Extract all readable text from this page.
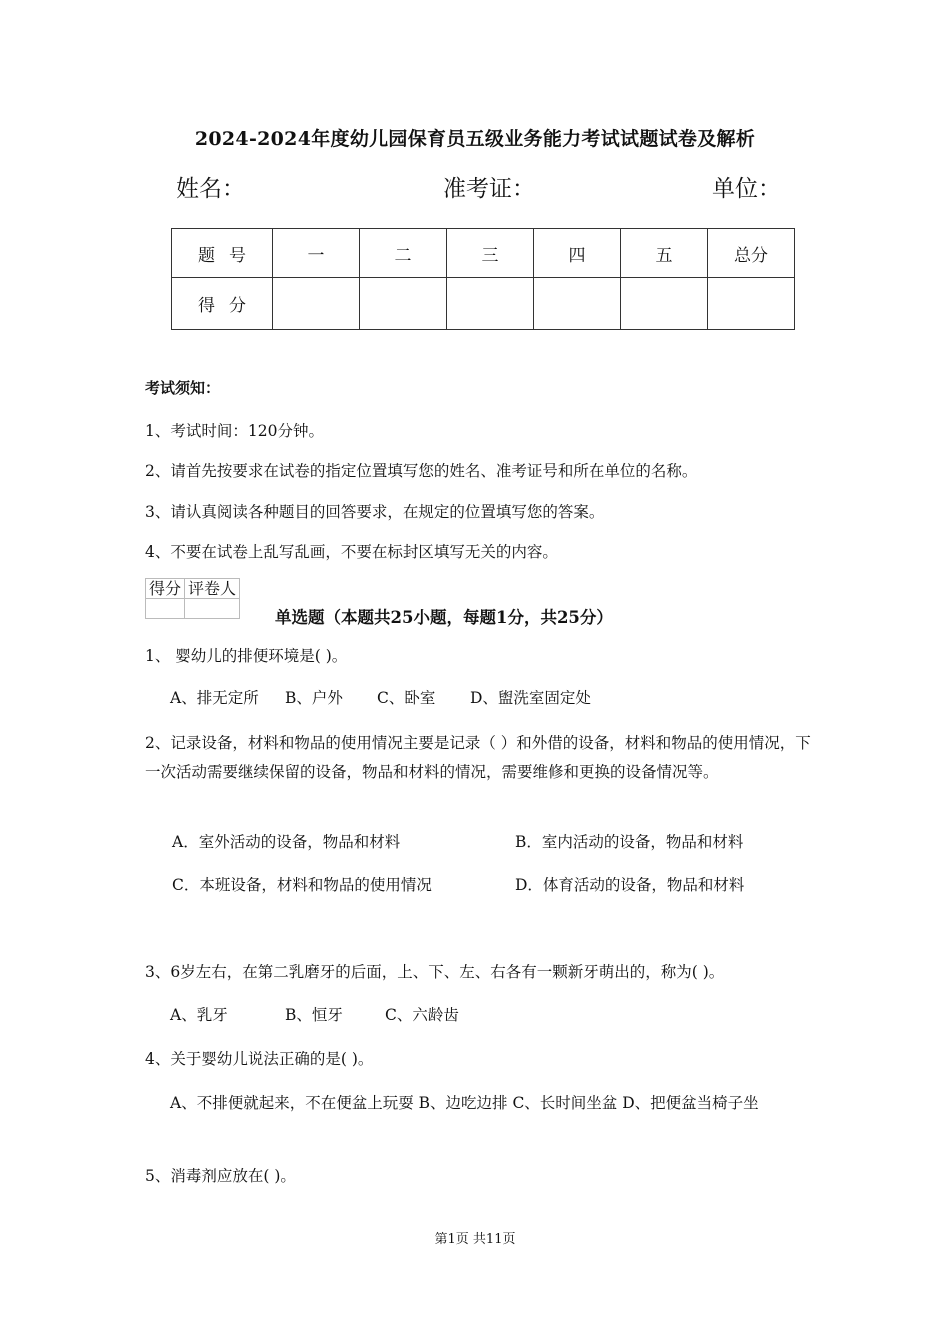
2024-2024年度幼儿园保育员五级业务能力考试试题试卷及解析
姓名：	准考证：	单位：
题号	一	二	三	四	五	总分
得分						
考试须知：
1、考试时间：120分钟。
2、请首先按要求在试卷的指定位置填写您的姓名、准考证号和所在单位的名称。
3、请认真阅读各种题目的回答要求，在规定的位置填写您的答案。
4、不要在试卷上乱写乱画，不要在标封区填写无关的内容。
得分	评卷人

单选题（本题共25小题，每题1分，共25分）
1、 婴幼儿的排便环境是( )。
A、排无定所 B、户外 C、卧室 D、盥洗室固定处
2、记录设备，材料和物品的使用情况主要是记录（ ）和外借的设备，材料和物品的使用情况，下一次活动需要继续保留的设备，物品和材料的情况，需要维修和更换的设备情况等。
A．室外活动的设备，物品和材料	B．室内活动的设备，物品和材料
C．本班设备，材料和物品的使用情况	D．体育活动的设备，物品和材料
3、6岁左右，在第二乳磨牙的后面，上、下、左、右各有一颗新牙萌出的，称为( )。
A、乳牙	B、恒牙	C、六龄齿
4、关于婴幼儿说法正确的是( )。
A、不排便就起来，不在便盆上玩耍 B、边吃边排 C、长时间坐盆 D、把便盆当椅子坐
5、消毒剂应放在( )。
第1页 共11页
